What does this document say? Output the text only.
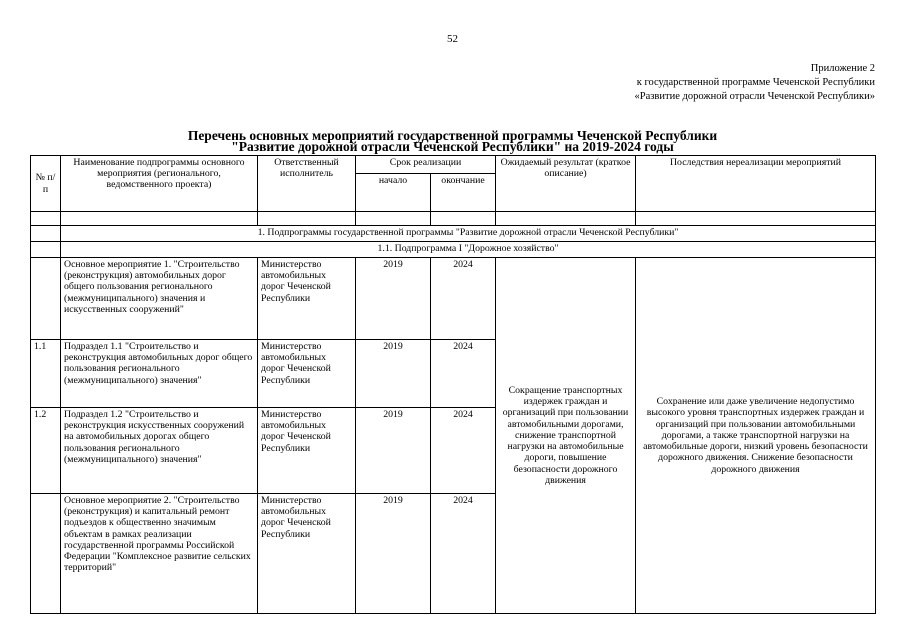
52
Приложение 2
к государственной программе Чеченской Республики
«Развитие дорожной отрасли Чеченской Республики»
Перечень основных мероприятий государственной программы Чеченской Республики
"Развитие дорожной отрасли Чеченской Республики" на 2019-2024 годы
№ п/п	Наименование подпрограммы основного мероприятия (регионального, ведомственного проекта)	Ответственный исполнитель	Срок реализации		Ожидаемый результат (краткое описание)	Последствия нереализации мероприятий
			начало	окончание		

	1. Подпрограммы государственной программы "Развитие дорожной отрасли Чеченской Республики"					
	1.1. Подпрограмма I "Дорожное хозяйство"					
	Основное мероприятие 1. "Строительство (реконструкция) автомобильных дорог общего пользования регионального (межмуниципального) значения и искусственных сооружений"	Министерство автомобильных дорог Чеченской Республики	2019	2024	Сокращение транспортных издержек граждан и организаций при пользовании автомобильными дорогами, снижение транспортной нагрузки на автомобильные дороги, повышение безопасности дорожного движения	Сохранение или даже увеличение недопустимо высокого уровня транспортных издержек граждан и организаций при пользовании автомобильными дорогами, а также транспортной нагрузки на автомобильные дороги, низкий уровень безопасности дорожного движения. Снижение безопасности дорожного движения
1.1	Подраздел 1.1 "Строительство и реконструкция автомобильных дорог общего пользования регионального (межмуниципального) значения"	Министерство автомобильных дорог Чеченской Республики	2019	2024		
1.2	Подраздел 1.2 "Строительство и реконструкция искусственных сооружений на автомобильных дорогах общего пользования регионального (межмуниципального) значения"	Министерство автомобильных дорог Чеченской Республики	2019	2024		
	Основное мероприятие 2. "Строительство (реконструкция) и капитальный ремонт подъездов к общественно значимым объектам в рамках реализации государственной программы Российской Федерации "Комплексное развитие сельских территорий"	Министерство автомобильных дорог Чеченской Республики	2019	2024		
